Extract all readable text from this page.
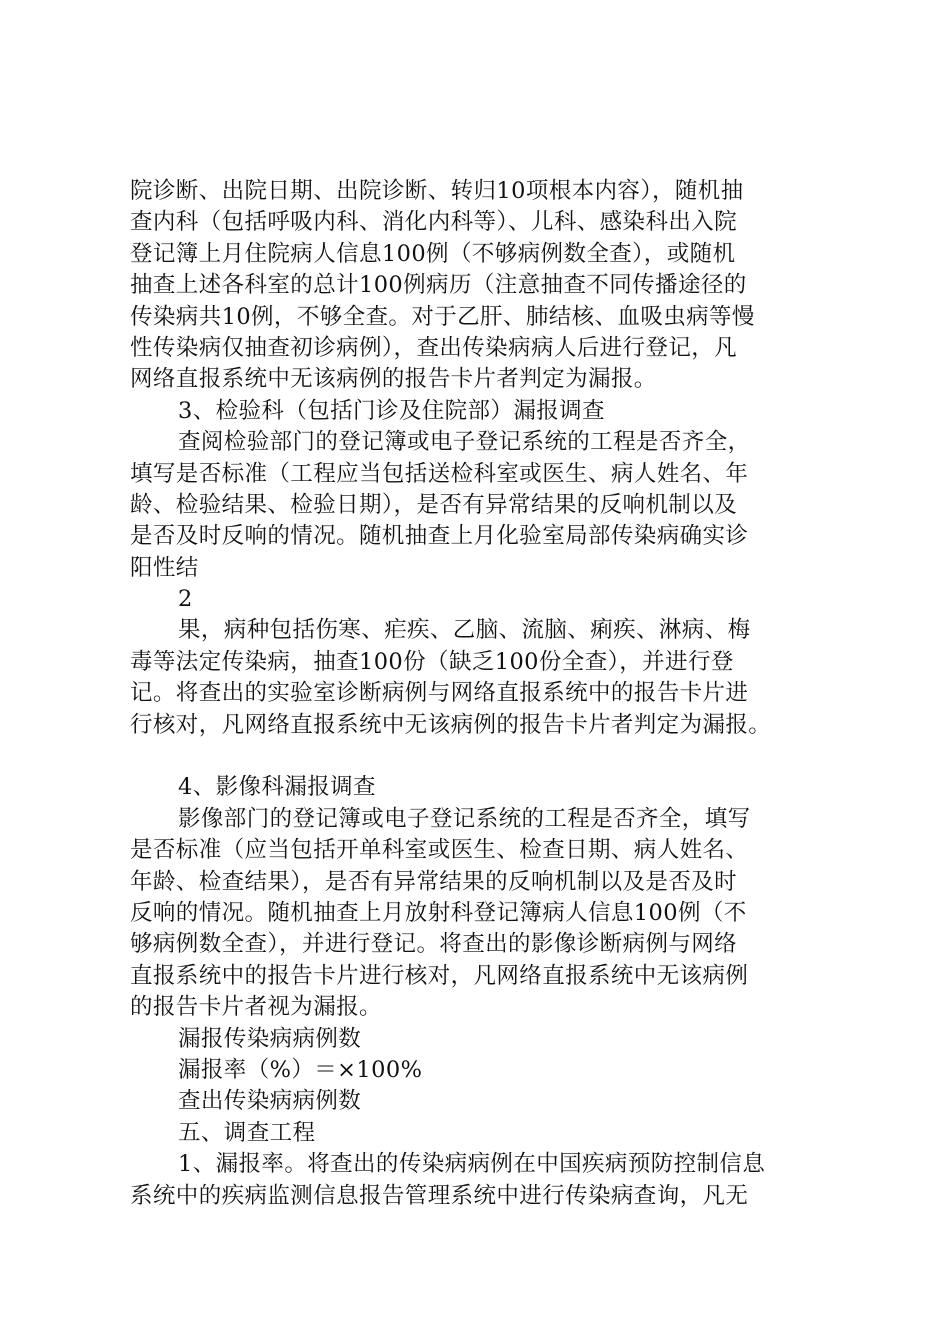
院诊断、出院日期、出院诊断、转归10项根本内容），随机抽
查内科（包括呼吸内科、消化内科等）、儿科、感染科出入院
登记簿上月住院病人信息100例（不够病例数全查），或随机
抽查上述各科室的总计100例病历（注意抽查不同传播途径的
传染病共10例，不够全查。对于乙肝、肺结核、血吸虫病等慢
性传染病仅抽查初诊病例），查出传染病病人后进行登记，凡
网络直报系统中无该病例的报告卡片者判定为漏报。
3、检验科（包括门诊及住院部）漏报调查
查阅检验部门的登记簿或电子登记系统的工程是否齐全，
填写是否标准（工程应当包括送检科室或医生、病人姓名、年
龄、检验结果、检验日期），是否有异常结果的反响机制以及
是否及时反响的情况。随机抽查上月化验室局部传染病确实诊
阳性结
2
果，病种包括伤寒、疟疾、乙脑、流脑、痢疾、淋病、梅
毒等法定传染病，抽查100份（缺乏100份全查），并进行登
记。将查出的实验室诊断病例与网络直报系统中的报告卡片进
行核对，凡网络直报系统中无该病例的报告卡片者判定为漏报。
4、影像科漏报调查
影像部门的登记簿或电子登记系统的工程是否齐全，填写
是否标准（应当包括开单科室或医生、检查日期、病人姓名、
年龄、检查结果），是否有异常结果的反响机制以及是否及时
反响的情况。随机抽查上月放射科登记簿病人信息100例（不
够病例数全查），并进行登记。将查出的影像诊断病例与网络
直报系统中的报告卡片进行核对，凡网络直报系统中无该病例
的报告卡片者视为漏报。
漏报传染病病例数
漏报率（%）＝×100%
查出传染病病例数
五、调查工程
1、漏报率。将查出的传染病病例在中国疾病预防控制信息
系统中的疾病监测信息报告管理系统中进行传染病查询，凡无
